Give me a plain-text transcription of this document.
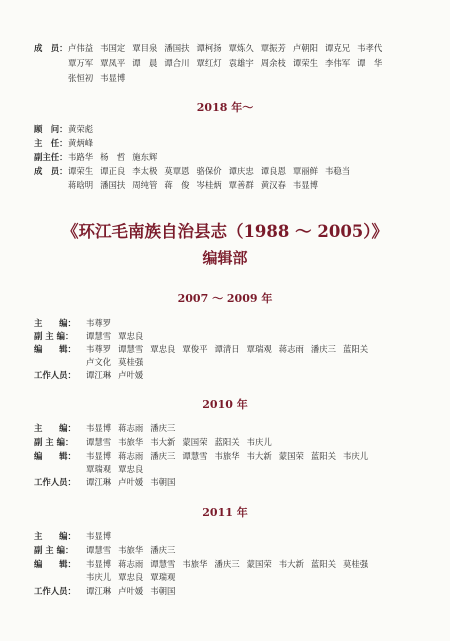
成　员： 卢伟益 韦国定 覃目泉 潘国扶 谭柯扬 覃炼久 覃振芳 卢朝阳 谭克兄 韦孝代
覃万军 覃凤平 谭　晨 谭合川 覃红灯 袁雄宇 周余枝 谭荣生 李伟军 谭　华
张恒初 韦显博
2018 年～
顾　问： 黄荣彪
主　任： 黄炳峰
副主任： 韦路华 杨　哲 施东辉
成　员： 谭荣生 谭正良 李太极 莫覃恩 骆保价 谭庆忠 谭良恩 覃丽鲜 韦稳当
蒋晗明 潘国扶 周纯管 蒋　俊 岑桂炳 覃善群 黄汉春 韦显博
《环江毛南族自治县志（1988 ～ 2005）》
编辑部
2007 ～ 2009 年
主　　编： 韦尊罗
副 主 编： 谭慧雪 覃忠良
编　　辑： 韦尊罗 谭慧雪 覃忠良 覃俊平 谭清日 覃瑞观 蒋志雨 潘庆三 蓝阳关
卢文化 莫桂强
工作人员： 谭江琳 卢叶媛
2010 年
主　　编： 韦显博 蒋志雨 潘庆三
副 主 编： 谭慧雪 韦旅华 韦大新 蒙国荣 蓝阳关 韦庆儿
编　　辑： 韦显博 蒋志雨 潘庆三 谭慧雪 韦旅华 韦大新 蒙国荣 蓝阳关 韦庆儿
覃瑞观 覃忠良
工作人员： 谭江琳 卢叶媛 韦朝国
2011 年
主　　编： 韦显博
副 主 编： 谭慧雪 韦旅华 潘庆三
编　　辑： 韦显博 蒋志雨 谭慧雪 韦旅华 潘庆三 蒙国荣 韦大新 蓝阳关 莫桂强
韦庆儿 覃忠良 覃瑞观
工作人员： 谭江琳 卢叶媛 韦朝国
